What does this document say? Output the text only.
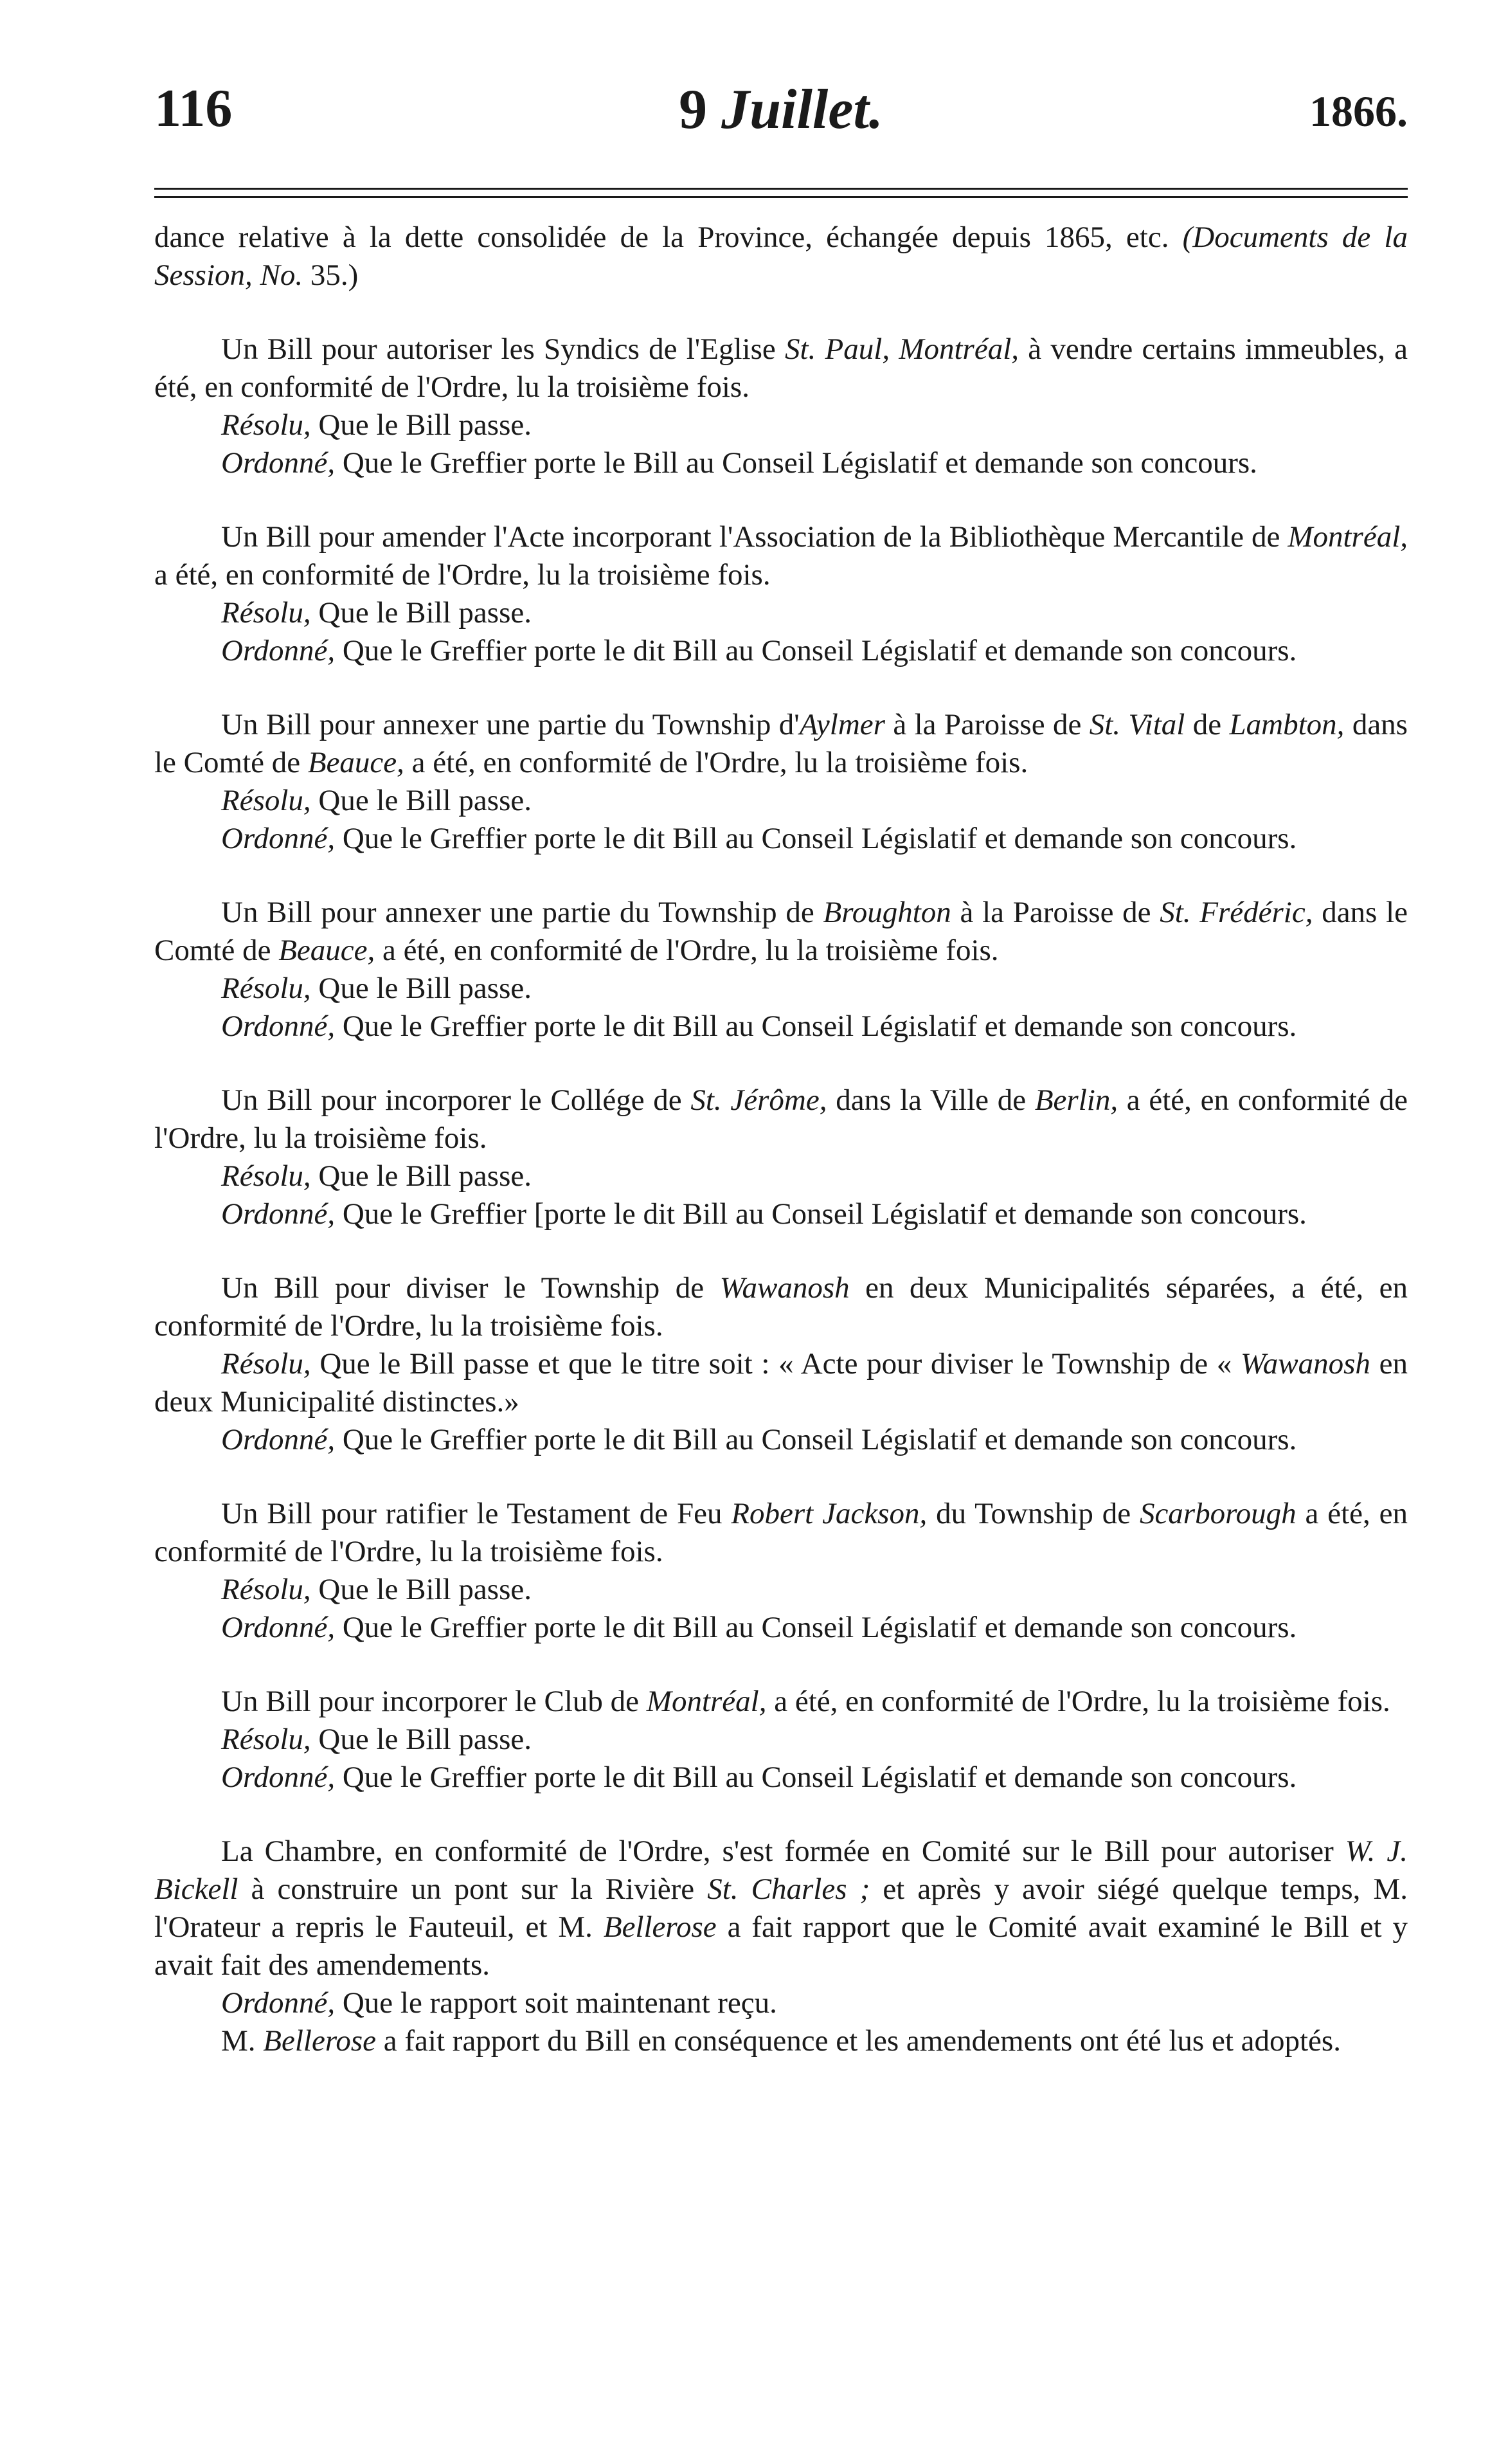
116	9 Juillet.	1866.

dance relative à la dette consolidée de la Province, échangée depuis 1865, etc. (Documents de la Session, No. 35.)

Un Bill pour autoriser les Syndics de l'Eglise St. Paul, Montréal, à vendre certains immeubles, a été, en conformité de l'Ordre, lu la troisième fois.

Résolu, Que le Bill passe.

Ordonné, Que le Greffier porte le Bill au Conseil Législatif et demande son concours.

Un Bill pour amender l'Acte incorporant l'Association de la Bibliothèque Mercantile de Montréal, a été, en conformité de l'Ordre, lu la troisième fois.

Résolu, Que le Bill passe.

Ordonné, Que le Greffier porte le dit Bill au Conseil Législatif et demande son concours.

Un Bill pour annexer une partie du Township d'Aylmer à la Paroisse de St. Vital de Lambton, dans le Comté de Beauce, a été, en conformité de l'Ordre, lu la troisième fois.

Résolu, Que le Bill passe.

Ordonné, Que le Greffier porte le dit Bill au Conseil Législatif et demande son concours.

Un Bill pour annexer une partie du Township de Broughton à la Paroisse de St. Frédéric, dans le Comté de Beauce, a été, en conformité de l'Ordre, lu la troisième fois.

Résolu, Que le Bill passe.

Ordonné, Que le Greffier porte le dit Bill au Conseil Législatif et demande son concours.

Un Bill pour incorporer le Collége de St. Jérôme, dans la Ville de Berlin, a été, en conformité de l'Ordre, lu la troisième fois.

Résolu, Que le Bill passe.

Ordonné, Que le Greffier [porte le dit Bill au Conseil Législatif et demande son concours.

Un Bill pour diviser le Township de Wawanosh en deux Municipalités séparées, a été, en conformité de l'Ordre, lu la troisième fois.

Résolu, Que le Bill passe et que le titre soit : « Acte pour diviser le Township de « Wawanosh en deux Municipalité distinctes.»

Ordonné, Que le Greffier porte le dit Bill au Conseil Législatif et demande son concours.

Un Bill pour ratifier le Testament de Feu Robert Jackson, du Township de Scarborough a été, en conformité de l'Ordre, lu la troisième fois.

Résolu, Que le Bill passe.

Ordonné, Que le Greffier porte le dit Bill au Conseil Législatif et demande son concours.

Un Bill pour incorporer le Club de Montréal, a été, en conformité de l'Ordre, lu la troisième fois.

Résolu, Que le Bill passe.

Ordonné, Que le Greffier porte le dit Bill au Conseil Législatif et demande son concours.

La Chambre, en conformité de l'Ordre, s'est formée en Comité sur le Bill pour autoriser W. J. Bickell à construire un pont sur la Rivière St. Charles ; et après y avoir siégé quelque temps, M. l'Orateur a repris le Fauteuil, et M. Bellerose a fait rapport que le Comité avait examiné le Bill et y avait fait des amendements.

Ordonné, Que le rapport soit maintenant reçu.

M. Bellerose a fait rapport du Bill en conséquence et les amendements ont été lus et adoptés.
